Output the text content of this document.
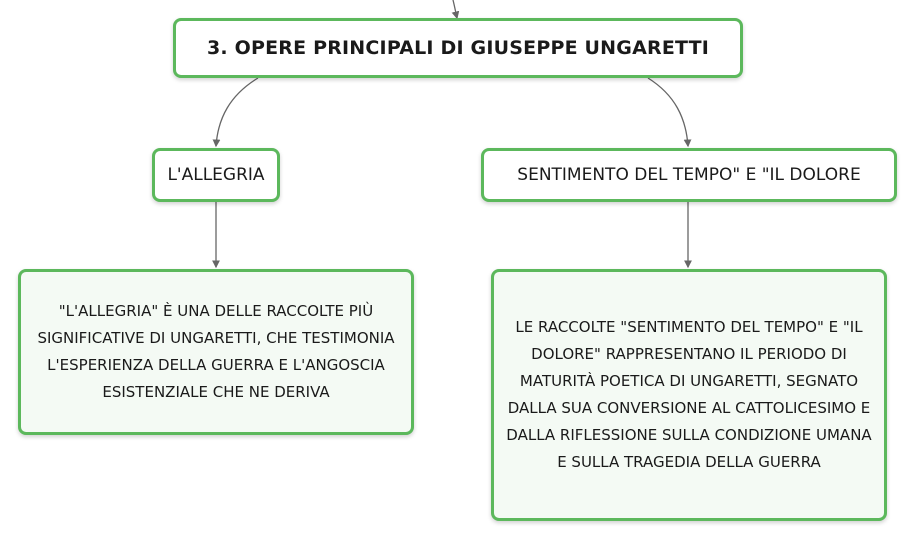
3. OPERE PRINCIPALI DI GIUSEPPE UNGARETTI
L'ALLEGRIA	SENTIMENTO DEL TEMPO" E "IL DOLORE
"L'ALLEGRIA" È UNA DELLE RACCOLTE PIÙ SIGNIFICATIVE DI UNGARETTI, CHE TESTIMONIA L'ESPERIENZA DELLA GUERRA E L'ANGOSCIA ESISTENZIALE CHE NE DERIVA
LE RACCOLTE "SENTIMENTO DEL TEMPO" E "IL DOLORE" RAPPRESENTANO IL PERIODO DI MATURITÀ POETICA DI UNGARETTI, SEGNATO DALLA SUA CONVERSIONE AL CATTOLICESIMO E DALLA RIFLESSIONE SULLA CONDIZIONE UMANA E SULLA TRAGEDIA DELLA GUERRA
